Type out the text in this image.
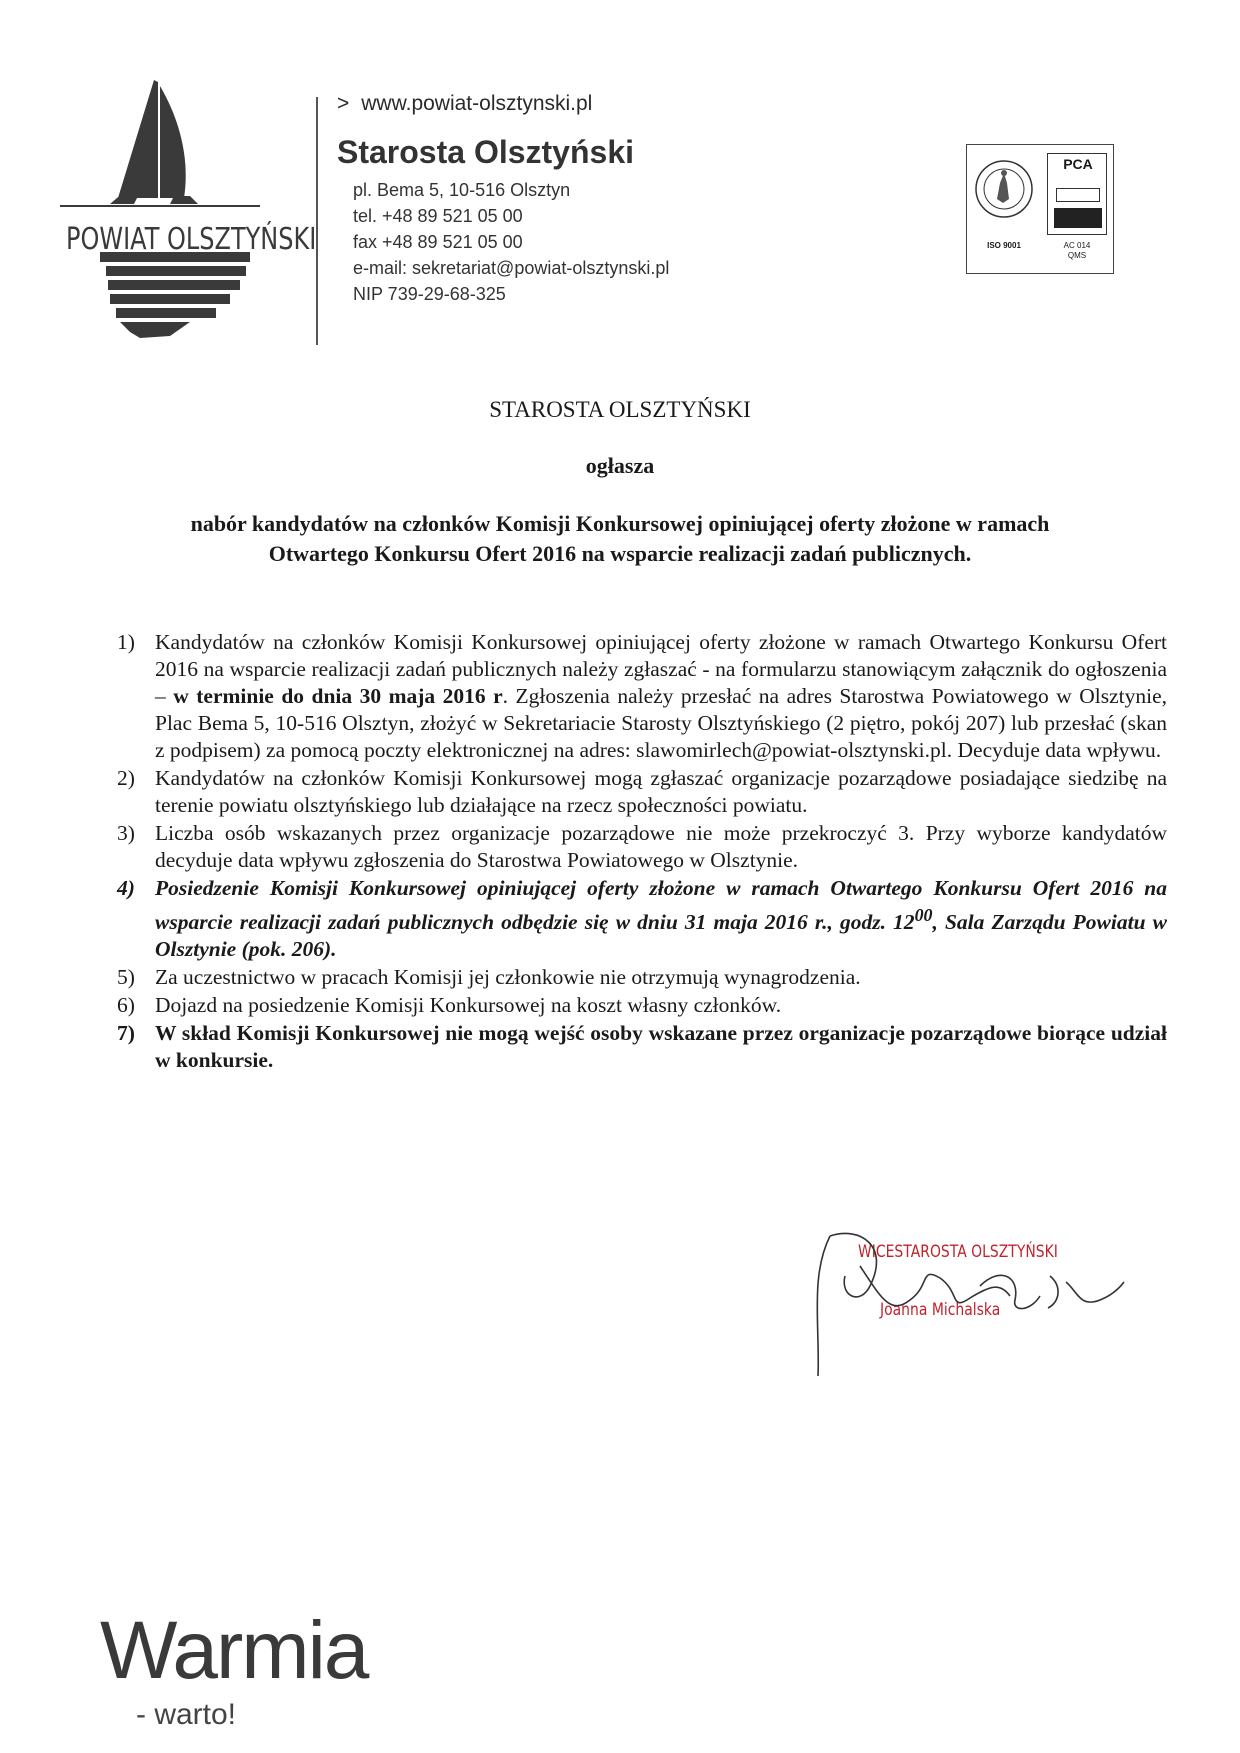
POWIAT OLSZTYŃSKI
> www.powiat-olsztynski.pl
Starosta Olsztyński
pl. Bema 5, 10-516 Olsztyn
tel. +48 89 521 05 00
fax +48 89 521 05 00
e-mail: sekretariat@powiat-olsztynski.pl
NIP 739-29-68-325
ISO 9001
PCA
AC 014
QMS
STAROSTA OLSZTYŃSKI
ogłasza
nabór kandydatów na członków Komisji Konkursowej opiniującej oferty złożone w ramach
Otwartego Konkursu Ofert 2016 na wsparcie realizacji zadań publicznych.
1) Kandydatów na członków Komisji Konkursowej opiniującej oferty złożone w ramach Otwartego Konkursu Ofert 2016 na wsparcie realizacji zadań publicznych należy zgłaszać - na formularzu stanowiącym załącznik do ogłoszenia – w terminie do dnia 30 maja 2016 r. Zgłoszenia należy przesłać na adres Starostwa Powiatowego w Olsztynie, Plac Bema 5, 10-516 Olsztyn, złożyć w Sekretariacie Starosty Olsztyńskiego (2 piętro, pokój 207) lub przesłać (skan z podpisem) za pomocą poczty elektronicznej na adres: slawomirlech@powiat-olsztynski.pl. Decyduje data wpływu.
2) Kandydatów na członków Komisji Konkursowej mogą zgłaszać organizacje pozarządowe posiadające siedzibę na terenie powiatu olsztyńskiego lub działające na rzecz społeczności powiatu.
3) Liczba osób wskazanych przez organizacje pozarządowe nie może przekroczyć 3. Przy wyborze kandydatów decyduje data wpływu zgłoszenia do Starostwa Powiatowego w Olsztynie.
4) Posiedzenie Komisji Konkursowej opiniującej oferty złożone w ramach Otwartego Konkursu Ofert 2016 na wsparcie realizacji zadań publicznych odbędzie się w dniu 31 maja 2016 r., godz. $12^{00}$, Sala Zarządu Powiatu w Olsztynie (pok. 206).
5) Za uczestnictwo w pracach Komisji jej członkowie nie otrzymują wynagrodzenia.
6) Dojazd na posiedzenie Komisji Konkursowej na koszt własny członków.
7) W skład Komisji Konkursowej nie mogą wejść osoby wskazane przez organizacje pozarządowe biorące udział w konkursie.
WICESTAROSTA OLSZTYŃSKI
Joanna Michalska
Warmia
- warto!
